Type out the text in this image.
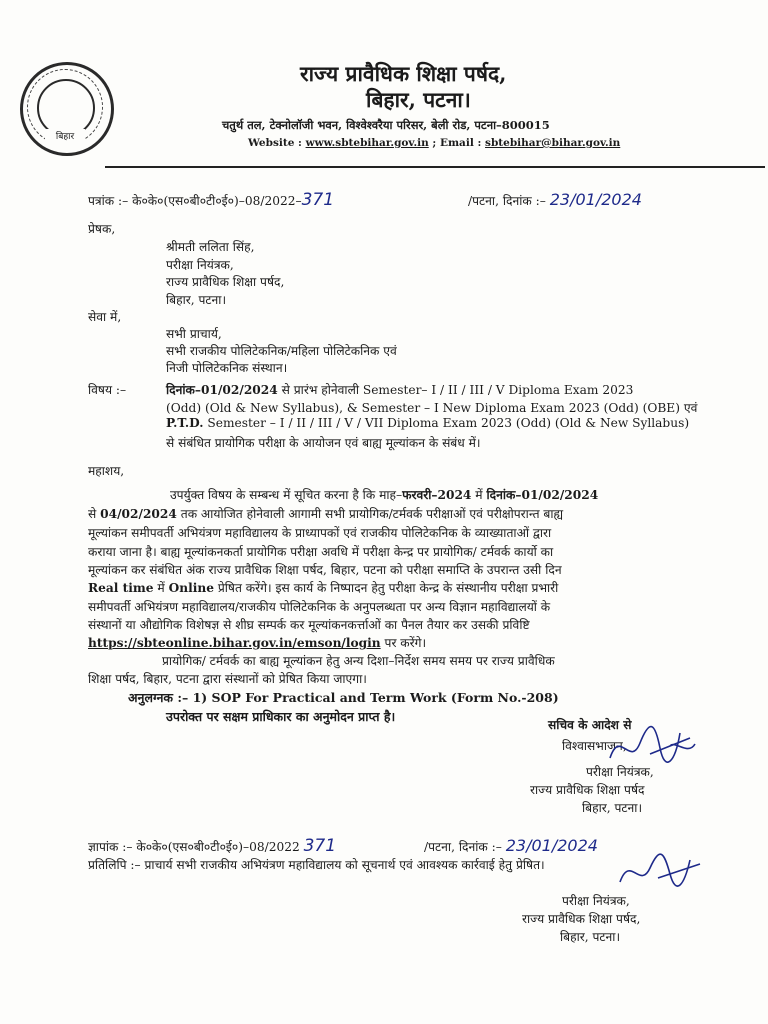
बिहार
राज्य प्रावैधिक शिक्षा पर्षद,
बिहार, पटना।
चतुर्थ तल, टेक्नोलॉजी भवन, विश्वेश्वरैया परिसर, बेली रोड, पटना–800015
Website : www.sbtebihar.gov.in ; Email : sbtebihar@bihar.gov.in
पत्रांक :– के०के०(एस०बी०टी०ई०)–08/2022–371	/पटना, दिनांक :– 23/01/2024
प्रेषक,
श्रीमती ललिता सिंह,
परीक्षा नियंत्रक,
राज्य प्रावैधिक शिक्षा पर्षद,
बिहार, पटना।
सेवा में,
सभी प्राचार्य,
सभी राजकीय पोलिटेकनिक/महिला पोलिटेकनिक एवं
निजी पोलिटेकनिक संस्थान।
विषय :–	दिनांक–01/02/2024 से प्रारंभ होनेवाली Semester– I / II / III / V Diploma Exam 2023
(Odd) (Old & New Syllabus), & Semester – I New Diploma Exam 2023 (Odd) (OBE) एवं
P.T.D. Semester – I / II / III / V / VII Diploma Exam 2023 (Odd) (Old & New Syllabus)
से संबंधित प्रायोगिक परीक्षा के आयोजन एवं बाह्य मूल्यांकन के संबंध में।
महाशय,
उपर्युक्त विषय के सम्बन्ध में सूचित करना है कि माह–फरवरी–2024 में दिनांक–01/02/2024
से 04/02/2024 तक आयोजित होनेवाली आगामी सभी प्रायोगिक/टर्मवर्क परीक्षाओं एवं परीक्षोपरान्त बाह्य
मूल्यांकन समीपवर्ती अभियंत्रण महाविद्यालय के प्राध्यापकों एवं राजकीय पोलिटेकनिक के व्याख्याताओं द्वारा
कराया जाना है। बाह्य मूल्यांकनकर्ता प्रायोगिक परीक्षा अवधि में परीक्षा केन्द्र पर प्रायोगिक/ टर्मवर्क कार्यो का
मूल्यांकन कर संबंधित अंक राज्य प्रावैधिक शिक्षा पर्षद, बिहार, पटना को परीक्षा समाप्ति के उपरान्त उसी दिन
Real time में Online प्रेषित करेंगे। इस कार्य के निष्पादन हेतु परीक्षा केन्द्र के संस्थानीय परीक्षा प्रभारी
समीपवर्ती अभियंत्रण महाविद्यालय/राजकीय पोलिटेकनिक के अनुपलब्धता पर अन्य विज्ञान महाविद्यालयों के
संस्थानों या औद्योगिक विशेषज्ञ से शीघ्र सम्पर्क कर मूल्यांकनकर्त्ताओं का पैनल तैयार कर उसकी प्रविष्टि
https://sbteonline.bihar.gov.in/emson/login पर करेंगे।
प्रायोगिक/ टर्मवर्क का बाह्य मूल्यांकन हेतु अन्य दिशा–निर्देश समय समय पर राज्य प्रावैधिक
शिक्षा पर्षद, बिहार, पटना द्वारा संस्थानों को प्रेषित किया जाएगा।
अनुलग्नक :– 1) SOP For Practical and Term Work (Form No.-208)
उपरोक्त पर सक्षम प्राधिकार का अनुमोदन प्राप्त है।
सचिव के आदेश से
विश्वासभाजन,
परीक्षा नियंत्रक,
राज्य प्रावैधिक शिक्षा पर्षद
बिहार, पटना।
ज्ञापांक :– के०के०(एस०बी०टी०ई०)–08/2022 371	/पटना, दिनांक :– 23/01/2024
प्रतिलिपि :– प्राचार्य सभी राजकीय अभियंत्रण महाविद्यालय को सूचनार्थ एवं आवश्यक कार्रवाई हेतु प्रेषित।
परीक्षा नियंत्रक,
राज्य प्रावैधिक शिक्षा पर्षद,
बिहार, पटना।
